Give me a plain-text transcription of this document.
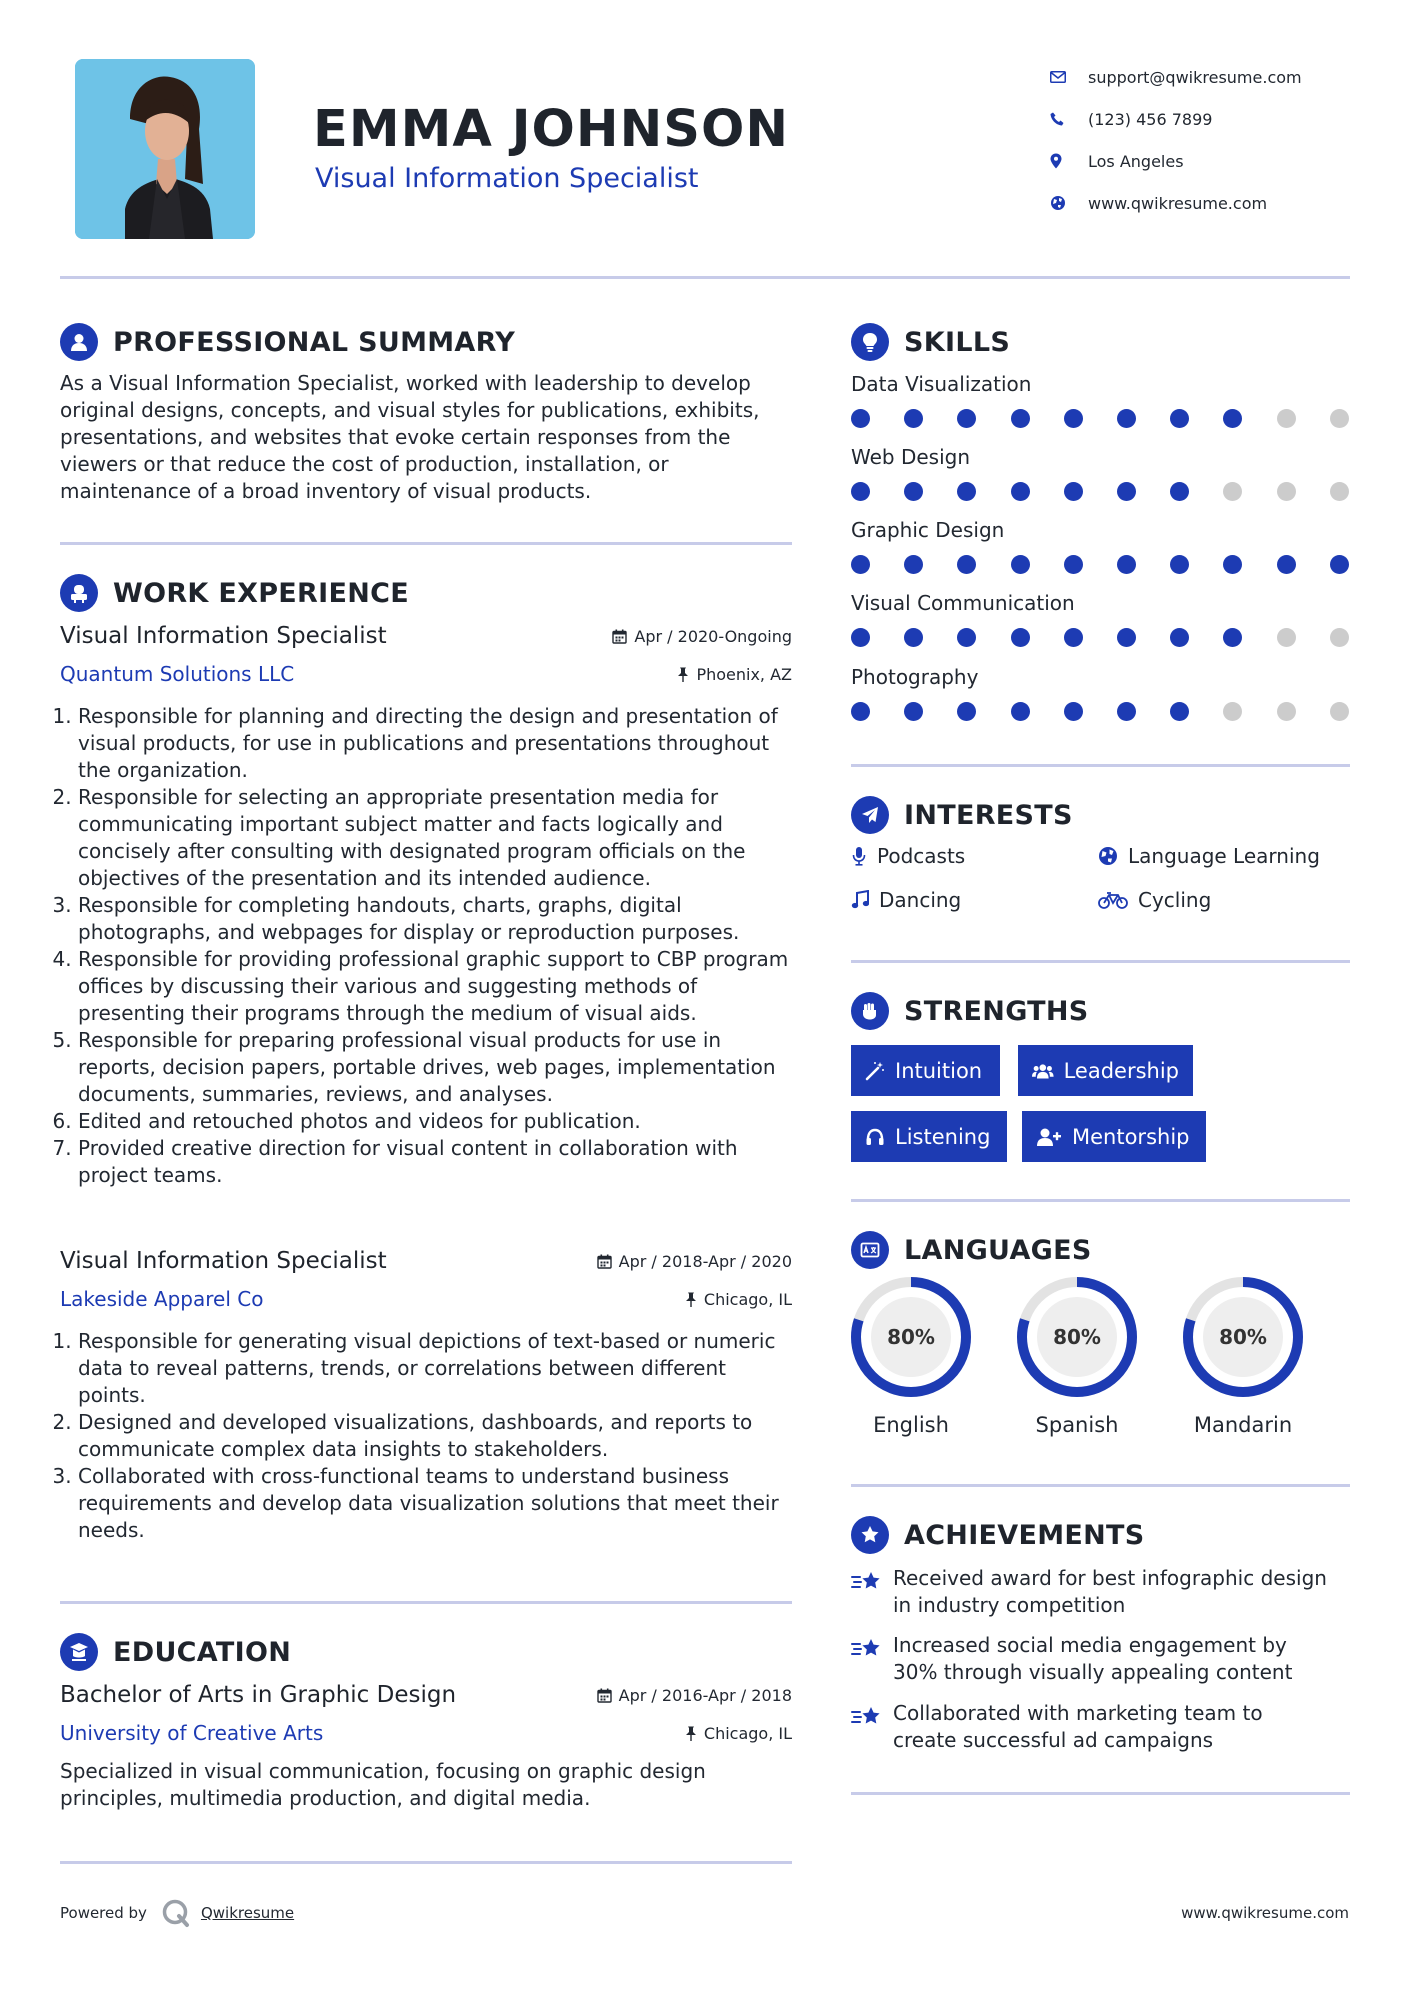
EMMA JOHNSON
Visual Information Specialist
support@qwikresume.com
(123) 456 7899
Los Angeles
www.qwikresume.com
PROFESSIONAL SUMMARY

As a Visual Information Specialist, worked with leadership to develop original designs, concepts, and visual styles for publications, exhibits, presentations, and websites that evoke certain responses from the viewers or that reduce the cost of production, installation, or maintenance of a broad inventory of visual products.

WORK EXPERIENCE
Visual Information Specialist	Apr / 2020-Ongoing
Quantum Solutions LLC	Phoenix, AZ
1. Responsible for planning and directing the design and presentation of visual products, for use in publications and presentations throughout the organization.
2. Responsible for selecting an appropriate presentation media for communicating important subject matter and facts logically and concisely after consulting with designated program officials on the objectives of the presentation and its intended audience.
3. Responsible for completing handouts, charts, graphs, digital photographs, and webpages for display or reproduction purposes.
4. Responsible for providing professional graphic support to CBP program offices by discussing their various and suggesting methods of presenting their programs through the medium of visual aids.
5. Responsible for preparing professional visual products for use in reports, decision papers, portable drives, web pages, implementation documents, summaries, reviews, and analyses.
6. Edited and retouched photos and videos for publication.
7. Provided creative direction for visual content in collaboration with project teams.
Visual Information Specialist	Apr / 2018-Apr / 2020
Lakeside Apparel Co	Chicago, IL
1. Responsible for generating visual depictions of text-based or numeric data to reveal patterns, trends, or correlations between different points.
2. Designed and developed visualizations, dashboards, and reports to communicate complex data insights to stakeholders.
3. Collaborated with cross-functional teams to understand business requirements and develop data visualization solutions that meet their needs.
EDUCATION
Bachelor of Arts in Graphic Design	Apr / 2016-Apr / 2018
University of Creative Arts	Chicago, IL

Specialized in visual communication, focusing on graphic design principles, multimedia production, and digital media.

SKILLS
Data Visualization
Web Design
Graphic Design
Visual Communication
Photography
INTERESTS
Podcasts	Language Learning
Dancing	Cycling
STRENGTHS
Intuition	Leadership
Listening	Mentorship
LANGUAGES
80%
English
80%
Spanish
80%
Mandarin
ACHIEVEMENTS
Received award for best infographic design in industry competition
Increased social media engagement by 30% through visually appealing content
Collaborated with marketing team to create successful ad campaigns
Powered by	Qwikresume	www.qwikresume.com
